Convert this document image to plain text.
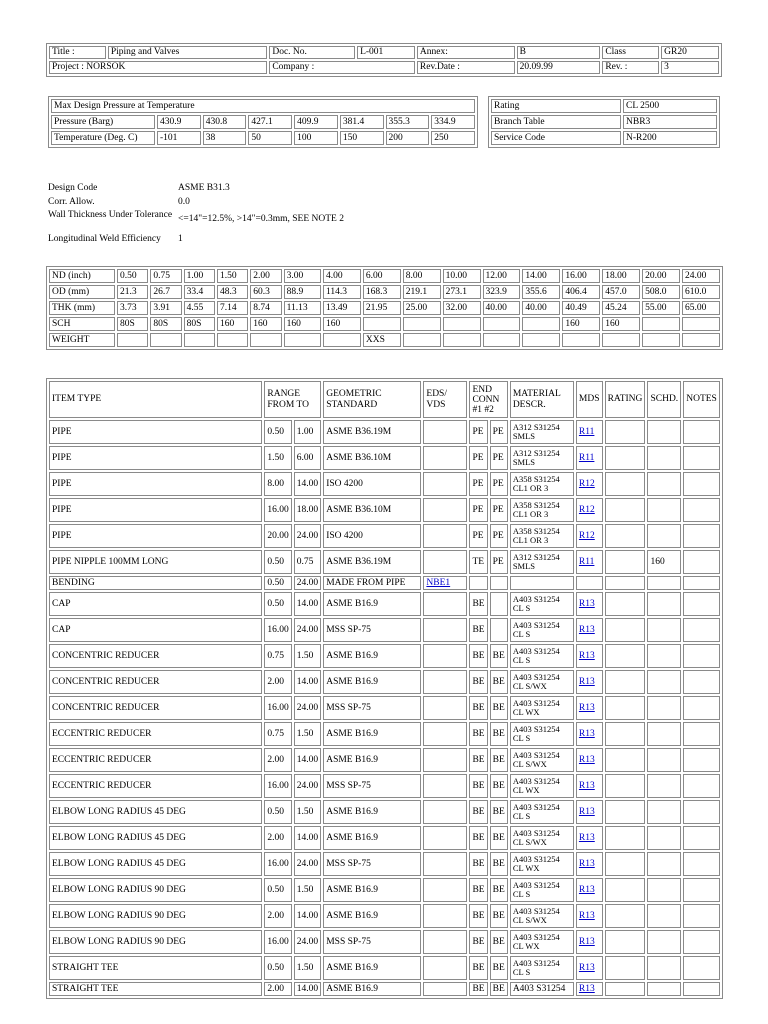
Title :	Piping and Valves	Doc. No.	L-001	Annex:	B	Class	GR20
Project : NORSOK		Company :		Rev.Date :	20.09.99	Rev. :	3
Max Design Pressure at Temperature							
Pressure (Barg)	430.9	430.8	427.1	409.9	381.4	355.3	334.9
Temperature (Deg. C)	-101	38	50	100	150	200	250
Rating	CL 2500
Branch Table	NBR3
Service Code	N-R200
Design Code	ASME B31.3
Corr. Allow.	0.0
Wall Thickness Under Tolerance <=14"=12.5%, >14"=0.3mm, SEE NOTE 2
Longitudinal Weld Efficiency	1
ND (inch)	0.50	0.75	1.00	1.50	2.00	3.00	4.00	6.00	8.00	10.00	12.00	14.00	16.00	18.00	20.00	24.00
OD (mm)	21.3	26.7	33.4	48.3	60.3	88.9	114.3	168.3	219.1	273.1	323.9	355.6	406.4	457.0	508.0	610.0
THK (mm)	3.73	3.91	4.55	7.14	8.74	11.13	13.49	21.95	25.00	32.00	40.00	40.00	40.49	45.24	55.00	65.00
SCH	80S	80S	80S	160	160	160	160						160	160		
WEIGHT								XXS								
ITEM TYPE	RANGE FROM TO		GEOMETRIC STANDARD	EDS/ VDS	END CONN #1 #2		MATERIAL DESCR.	MDS	RATING	SCHD.	NOTES
PIPE	0.50	1.00	ASME B36.19M		PE	PE	A312 S31254 SMLS	R11			
PIPE	1.50	6.00	ASME B36.10M		PE	PE	A312 S31254 SMLS	R11			
PIPE	8.00	14.00	ISO 4200		PE	PE	A358 S31254 CL1 OR 3	R12			
PIPE	16.00	18.00	ASME B36.10M		PE	PE	A358 S31254 CL1 OR 3	R12			
PIPE	20.00	24.00	ISO 4200		PE	PE	A358 S31254 CL1 OR 3	R12			
PIPE NIPPLE 100MM LONG	0.50	0.75	ASME B36.19M		TE	PE	A312 S31254 SMLS	R11		160	
BENDING	0.50	24.00	MADE FROM PIPE	NBE1							
CAP	0.50	14.00	ASME B16.9		BE		A403 S31254 CL S	R13			
CAP	16.00	24.00	MSS SP-75		BE		A403 S31254 CL S	R13			
CONCENTRIC REDUCER	0.75	1.50	ASME B16.9		BE	BE	A403 S31254 CL S	R13			
CONCENTRIC REDUCER	2.00	14.00	ASME B16.9		BE	BE	A403 S31254 CL S/WX	R13			
CONCENTRIC REDUCER	16.00	24.00	MSS SP-75		BE	BE	A403 S31254 CL WX	R13			
ECCENTRIC REDUCER	0.75	1.50	ASME B16.9		BE	BE	A403 S31254 CL S	R13			
ECCENTRIC REDUCER	2.00	14.00	ASME B16.9		BE	BE	A403 S31254 CL S/WX	R13			
ECCENTRIC REDUCER	16.00	24.00	MSS SP-75		BE	BE	A403 S31254 CL WX	R13			
ELBOW LONG RADIUS 45 DEG	0.50	1.50	ASME B16.9		BE	BE	A403 S31254 CL S	R13			
ELBOW LONG RADIUS 45 DEG	2.00	14.00	ASME B16.9		BE	BE	A403 S31254 CL S/WX	R13			
ELBOW LONG RADIUS 45 DEG	16.00	24.00	MSS SP-75		BE	BE	A403 S31254 CL WX	R13			
ELBOW LONG RADIUS 90 DEG	0.50	1.50	ASME B16.9		BE	BE	A403 S31254 CL S	R13			
ELBOW LONG RADIUS 90 DEG	2.00	14.00	ASME B16.9		BE	BE	A403 S31254 CL S/WX	R13			
ELBOW LONG RADIUS 90 DEG	16.00	24.00	MSS SP-75		BE	BE	A403 S31254 CL WX	R13			
STRAIGHT TEE	0.50	1.50	ASME B16.9		BE	BE	A403 S31254 CL S	R13			
STRAIGHT TEE	2.00	14.00	ASME B16.9		BE	BE	A403 S31254	R13			
